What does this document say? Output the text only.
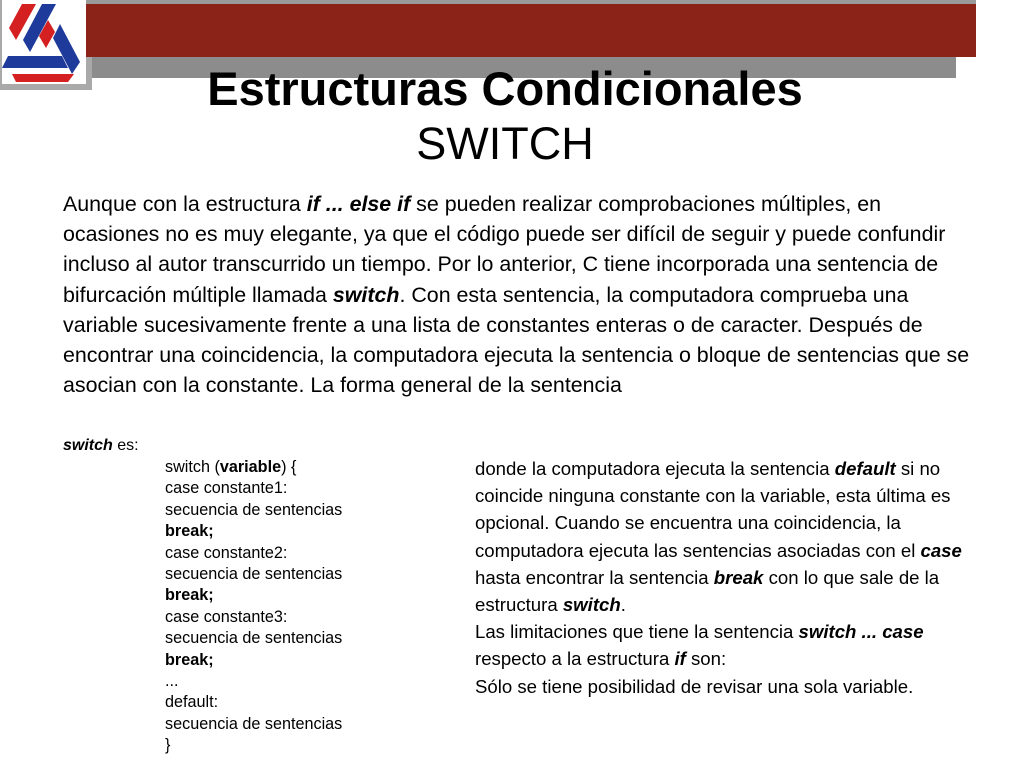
Estructuras Condicionales
SWITCH

Aunque con la estructura if ... else if se pueden realizar comprobaciones múltiples, en ocasiones no es muy elegante, ya que el código puede ser difícil de seguir y puede confundir incluso al autor transcurrido un tiempo. Por lo anterior, C tiene incorporada una sentencia de bifurcación múltiple llamada switch. Con esta sentencia, la computadora comprueba una variable sucesivamente frente a una lista de constantes enteras o de caracter. Después de encontrar una coincidencia, la computadora ejecuta la sentencia o bloque de sentencias que se asocian con la constante. La forma general de la sentencia

switch es:
switch (variable) {
case constante1:
secuencia de sentencias
break;
case constante2:
secuencia de sentencias
break;
case constante3:
secuencia de sentencias
break;
...
default:
secuencia de sentencias
}

donde la computadora ejecuta la sentencia default si no coincide ninguna constante con la variable, esta última es opcional. Cuando se encuentra una coincidencia, la computadora ejecuta las sentencias asociadas con el case hasta encontrar la sentencia break con lo que sale de la estructura switch.

Las limitaciones que tiene la sentencia switch ... case respecto a la estructura if son:

Sólo se tiene posibilidad de revisar una sola variable.
